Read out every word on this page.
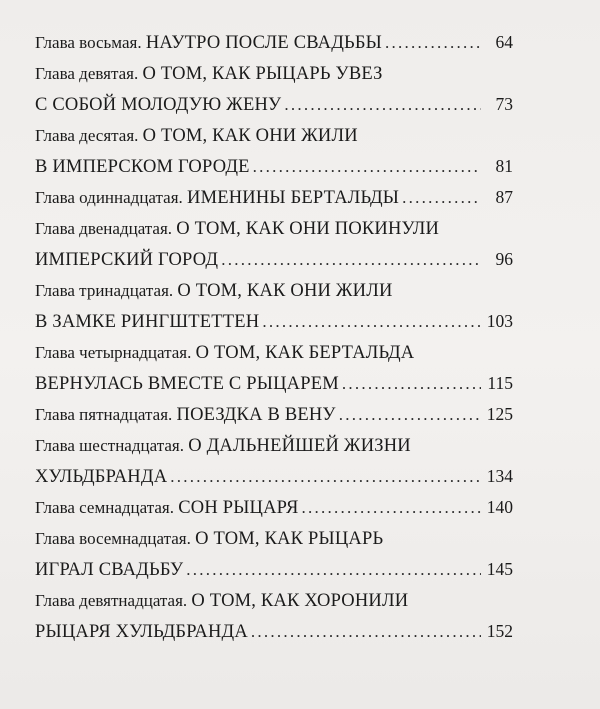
Глава восьмая. НАУТРО ПОСЛЕ СВАДЬБЫ . . .	64
Глава девятая. О ТОМ, КАК РЫЦАРЬ УВЕЗ
С СОБОЙ МОЛОДУЮ ЖЕНУ . . .	73
Глава десятая. О ТОМ, КАК ОНИ ЖИЛИ
В ИМПЕРСКОМ ГОРОДЕ . . .	81
Глава одиннадцатая. ИМЕНИНЫ БЕРТАЛЬДЫ . . .	87
Глава двенадцатая. О ТОМ, КАК ОНИ ПОКИНУЛИ
ИМПЕРСКИЙ ГОРОД . . .	96
Глава тринадцатая. О ТОМ, КАК ОНИ ЖИЛИ
В ЗАМКЕ РИНГШТЕТТЕН . . .	103
Глава четырнадцатая. О ТОМ, КАК БЕРТАЛЬДА
ВЕРНУЛАСЬ ВМЕСТЕ С РЫЦАРЕМ . . .	115
Глава пятнадцатая. ПОЕЗДКА В ВЕНУ . . .	125
Глава шестнадцатая. О ДАЛЬНЕЙШЕЙ ЖИЗНИ
ХУЛЬДБРАНДА . . .	134
Глава семнадцатая. СОН РЫЦАРЯ . . .	140
Глава восемнадцатая. О ТОМ, КАК РЫЦАРЬ
ИГРАЛ СВАДЬБУ . . .	145
Глава девятнадцатая. О ТОМ, КАК ХОРОНИЛИ
РЫЦАРЯ ХУЛЬДБРАНДА . . .	152
